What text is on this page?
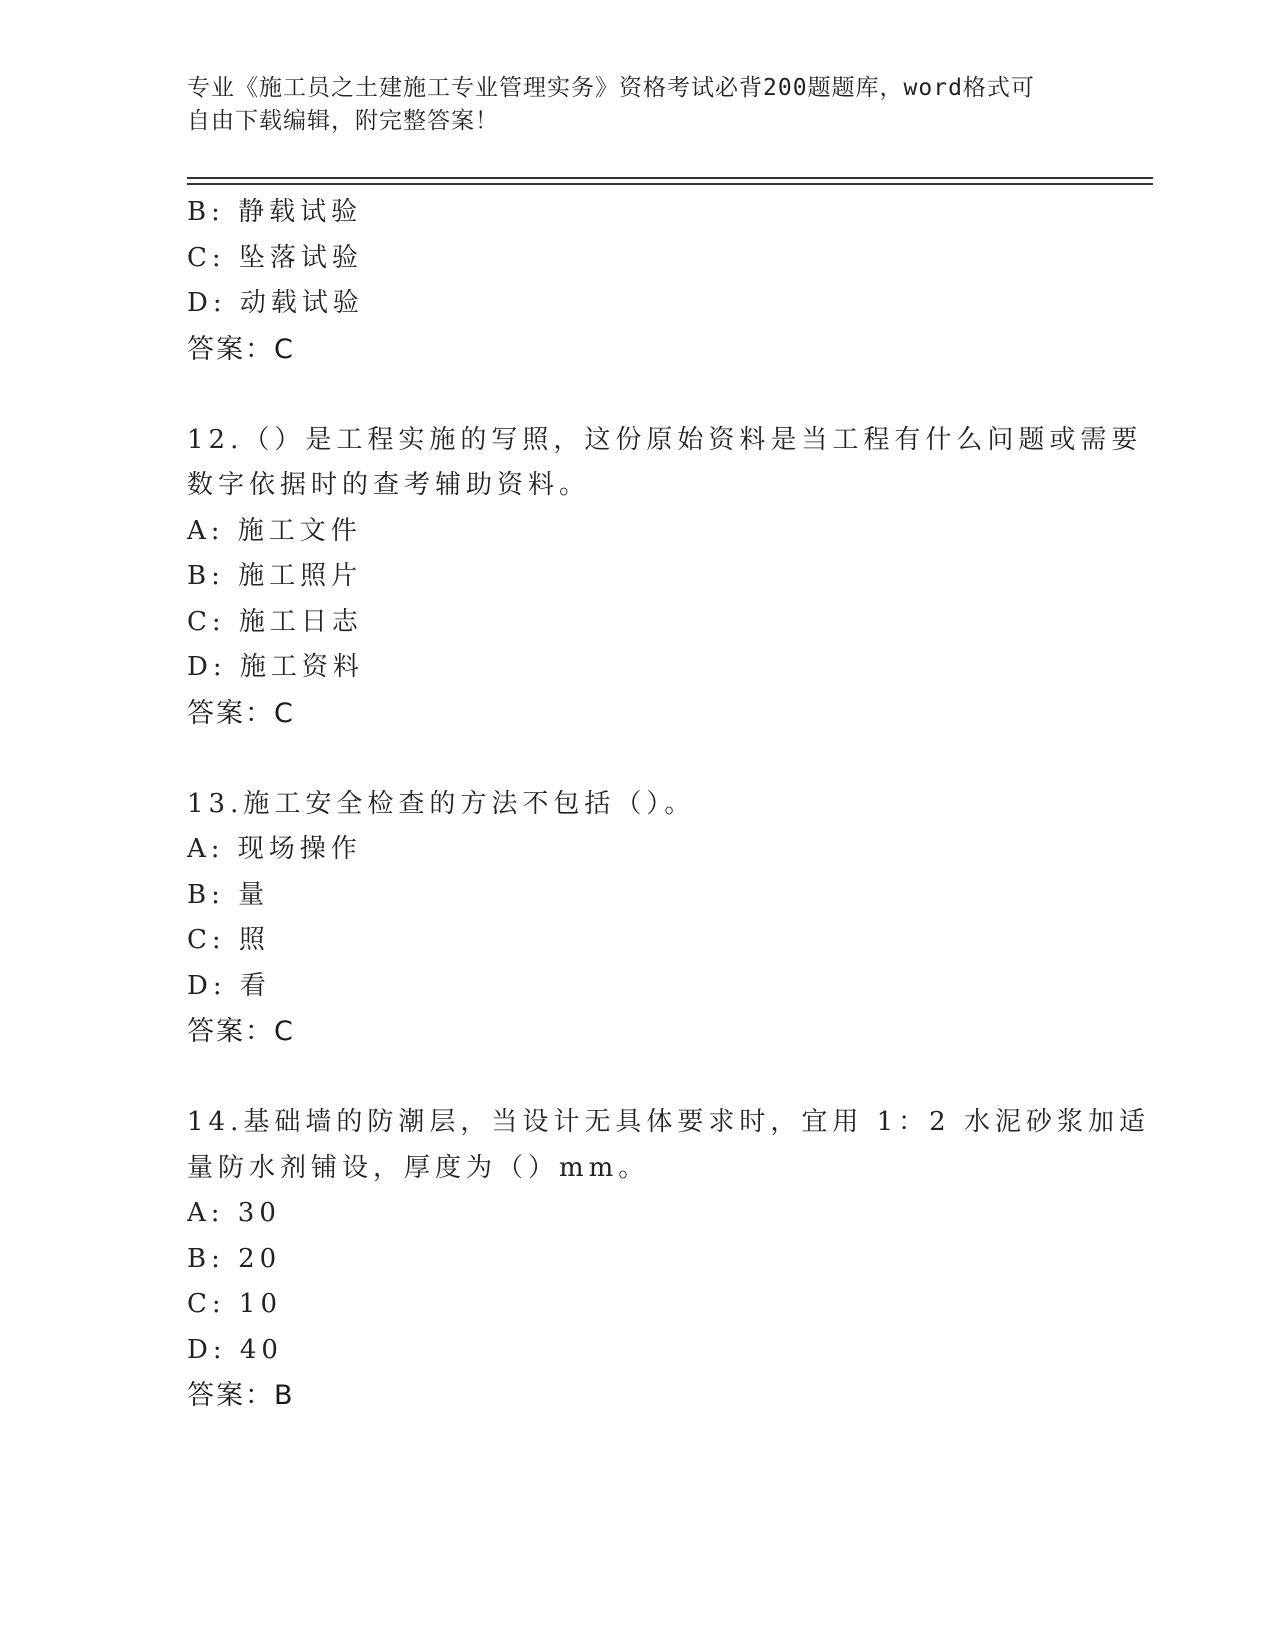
专业《施工员之土建施工专业管理实务》资格考试必背200题题库，word格式可
自由下载编辑，附完整答案！
B: 静载试验
C: 坠落试验
D: 动载试验
答案：C
12.（）是工程实施的写照，这份原始资料是当工程有什么问题或需要
数字依据时的查考辅助资料。
A: 施工文件
B: 施工照片
C: 施工日志
D: 施工资料
答案：C
13.施工安全检查的方法不包括（）。
A: 现场操作
B: 量
C: 照
D: 看
答案：C
14.基础墙的防潮层，当设计无具体要求时，宜用 1：2 水泥砂浆加适
量防水剂铺设，厚度为（）mm。
A: 30
B: 20
C: 10
D: 40
答案：B
